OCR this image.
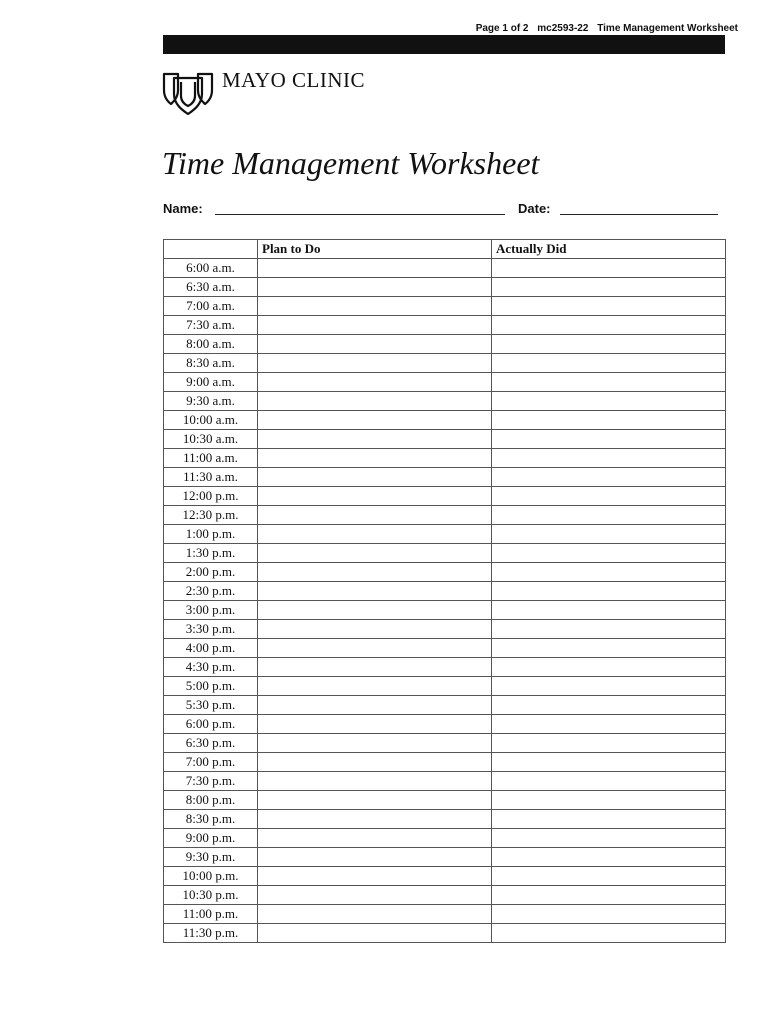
Page 1 of 2 mc2593-22 Time Management Worksheet
MAYO CLINIC
Time Management Worksheet
Name:	Date:
	Plan to Do	Actually Did
6:00 a.m.		
6:30 a.m.		
7:00 a.m.		
7:30 a.m.		
8:00 a.m.		
8:30 a.m.		
9:00 a.m.		
9:30 a.m.		
10:00 a.m.		
10:30 a.m.		
11:00 a.m.		
11:30 a.m.		
12:00 p.m.		
12:30 p.m.		
1:00 p.m.		
1:30 p.m.		
2:00 p.m.		
2:30 p.m.		
3:00 p.m.		
3:30 p.m.		
4:00 p.m.		
4:30 p.m.		
5:00 p.m.		
5:30 p.m.		
6:00 p.m.		
6:30 p.m.		
7:00 p.m.		
7:30 p.m.		
8:00 p.m.		
8:30 p.m.		
9:00 p.m.		
9:30 p.m.		
10:00 p.m.		
10:30 p.m.		
11:00 p.m.		
11:30 p.m.		
